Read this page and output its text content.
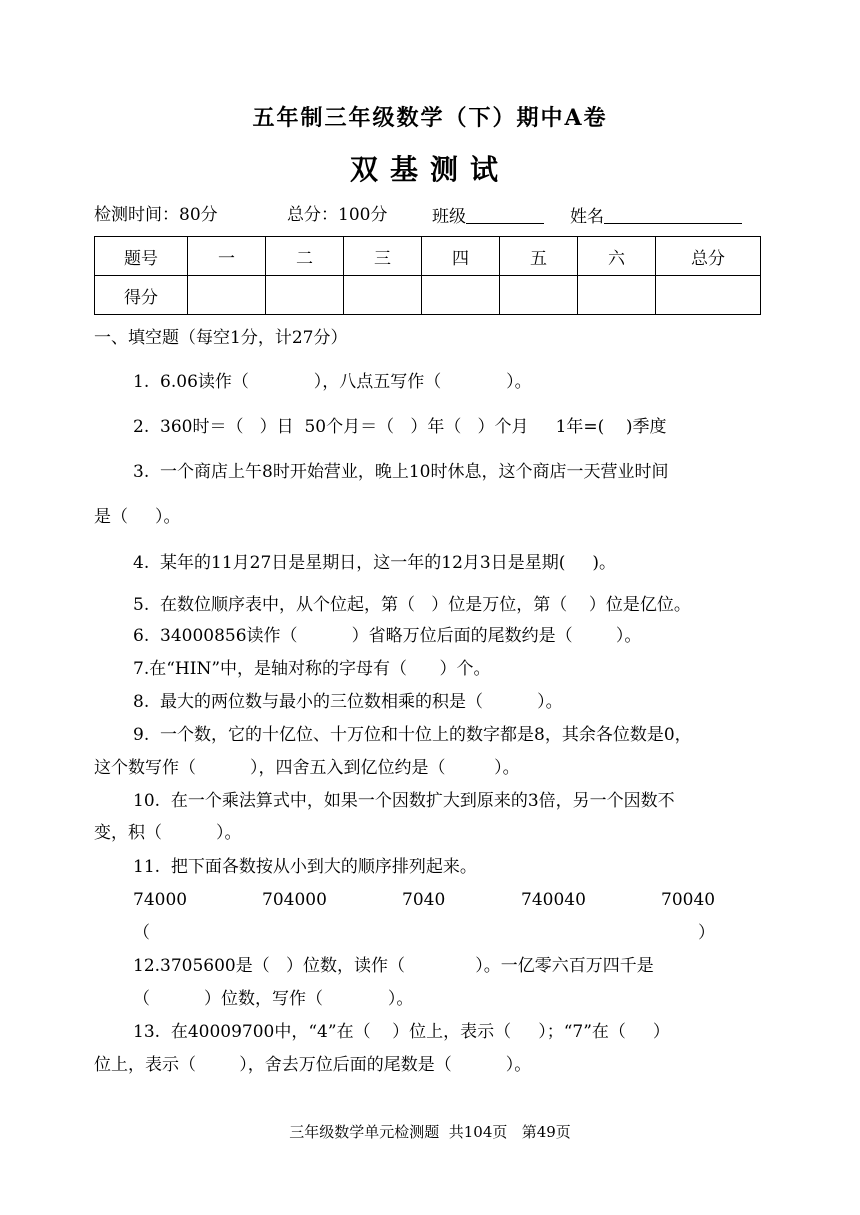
五年制三年级数学（下）期中A卷
双基测试
检测时间：80分	总分：100分	班级	姓名
题号	一	二	三	四	五	六	总分
得分							
一、填空题（每空1分，计27分）
1.  6.06读作（            ），八点五写作（            ）。
2.  360时＝（   ）日  50个月＝（   ）年（   ）个月     1年=(    )季度
3.  一个商店上午8时开始营业，晚上10时休息，这个商店一天营业时间
是（     ）。
4.  某年的11月27日是星期日，这一年的12月3日是星期(     )。
5.  在数位顺序表中，从个位起，第（   ）位是万位，第（    ）位是亿位。
6.  34000856读作（          ）省略万位后面的尾数约是（        ）。
7.在“HIN”中，是轴对称的字母有（      ）个。
8.  最大的两位数与最小的三位数相乘的积是（          ）。
9.  一个数，它的十亿位、十万位和十位上的数字都是8，其余各位数是0，
这个数写作（          ），四舍五入到亿位约是（         ）。
10.  在一个乘法算式中，如果一个因数扩大到原来的3倍，另一个因数不
变，积（          ）。
11.  把下面各数按从小到大的顺序排列起来。
74000	704000	7040	740040	70040
（	）
12.3705600是（   ）位数，读作（             ）。一亿零六百万四千是
（          ）位数，写作（            ）。
13.  在40009700中，“4”在（    ）位上，表示（     ）；“7”在（     ）
位上，表示（        ），舍去万位后面的尾数是（          ）。
三年级数学单元检测题  共104页   第49页
